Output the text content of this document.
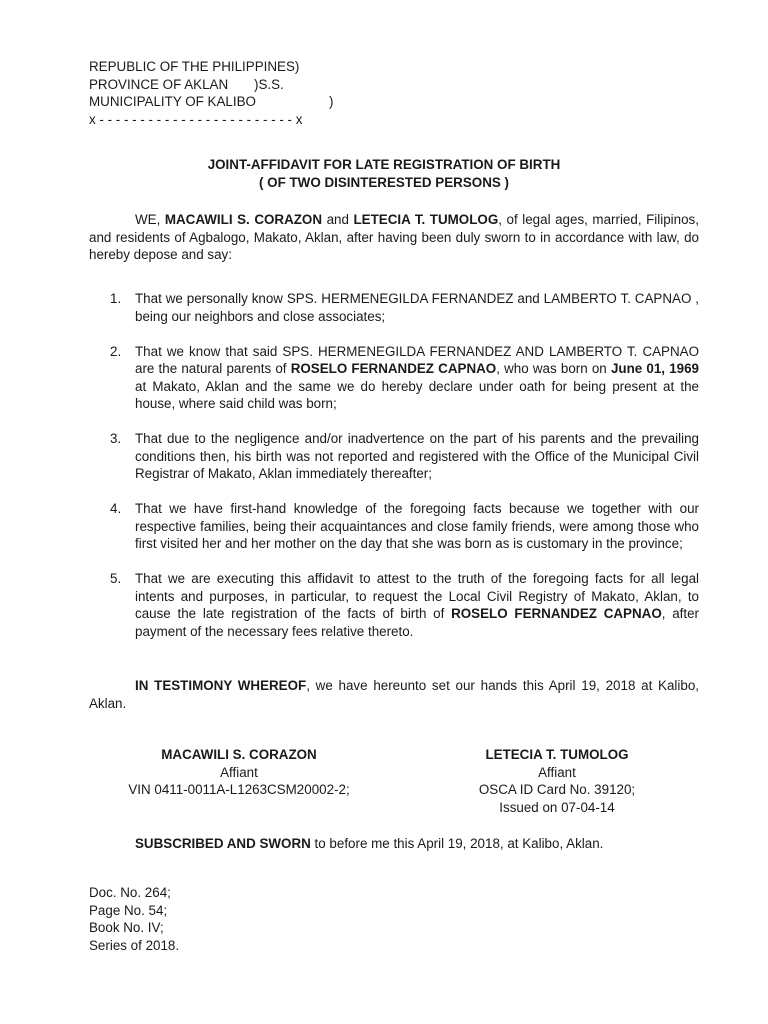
REPUBLIC OF THE PHILIPPINES)
PROVINCE OF AKLAN )S.S.
MUNICIPALITY OF KALIBO	)
x - - - - - - - - - - - - - - - - - - - - - - - - x
JOINT-AFFIDAVIT FOR LATE REGISTRATION OF BIRTH
( OF TWO DISINTERESTED PERSONS )
WE, MACAWILI S. CORAZON and LETECIA T. TUMOLOG, of legal ages, married, Filipinos, and residents of Agbalogo, Makato, Aklan, after having been duly sworn to in accordance with law, do hereby depose and say:
1. That we personally know SPS. HERMENEGILDA FERNANDEZ and LAMBERTO T. CAPNAO , being our neighbors and close associates;
2. That we know that said SPS. HERMENEGILDA FERNANDEZ AND LAMBERTO T. CAPNAO are the natural parents of ROSELO FERNANDEZ CAPNAO, who was born on June 01, 1969 at Makato, Aklan and the same we do hereby declare under oath for being present at the house, where said child was born;
3. That due to the negligence and/or inadvertence on the part of his parents and the prevailing conditions then, his birth was not reported and registered with the Office of the Municipal Civil Registrar of Makato, Aklan immediately thereafter;
4. That we have first-hand knowledge of the foregoing facts because we together with our respective families, being their acquaintances and close family friends, were among those who first visited her and her mother on the day that she was born as is customary in the province;
5. That we are executing this affidavit to attest to the truth of the foregoing facts for all legal intents and purposes, in particular, to request the Local Civil Registry of Makato, Aklan, to cause the late registration of the facts of birth of ROSELO FERNANDEZ CAPNAO, after payment of the necessary fees relative thereto.
IN TESTIMONY WHEREOF, we have hereunto set our hands this April 19, 2018 at Kalibo, Aklan.
MACAWILI S. CORAZON
Affiant
VIN 0411-0011A-L1263CSM20002-2;
LETECIA T. TUMOLOG
Affiant
OSCA ID Card No. 39120;
Issued on 07-04-14
SUBSCRIBED AND SWORN to before me this April 19, 2018, at Kalibo, Aklan.
Doc. No. 264;
Page No. 54;
Book No. IV;
Series of 2018.
